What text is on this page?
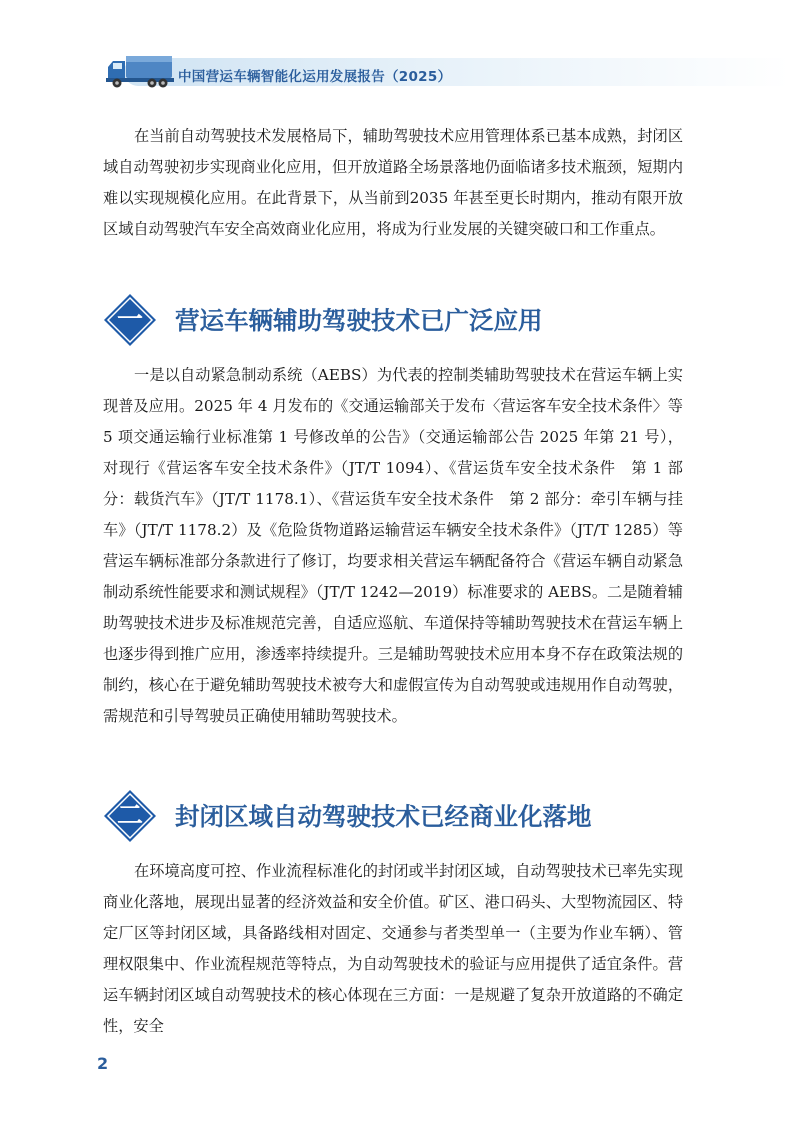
中国营运车辆智能化运用发展报告（2025）

在当前自动驾驶技术发展格局下，辅助驾驶技术应用管理体系已基本成熟，封闭区域自动驾驶初步实现商业化应用，但开放道路全场景落地仍面临诸多技术瓶颈，短期内难以实现规模化应用。在此背景下，从当前到2035 年甚至更长时期内，推动有限开放区域自动驾驶汽车安全高效商业化应用，将成为行业发展的关键突破口和工作重点。

一	营运车辆辅助驾驶技术已广泛应用

一是以自动紧急制动系统（AEBS）为代表的控制类辅助驾驶技术在营运车辆上实现普及应用。2025 年 4 月发布的《交通运输部关于发布〈营运客车安全技术条件〉等 5 项交通运输行业标准第 1 号修改单的公告》（交通运输部公告 2025 年第 21 号），对现行《营运客车安全技术条件》（JT/T 1094）、《营运货车安全技术条件　第 1 部分：载货汽车》（JT/T 1178.1）、《营运货车安全技术条件　第 2 部分：牵引车辆与挂车》（JT/T 1178.2）及《危险货物道路运输营运车辆安全技术条件》（JT/T 1285）等营运车辆标准部分条款进行了修订，均要求相关营运车辆配备符合《营运车辆自动紧急制动系统性能要求和测试规程》（JT/T 1242—2019）标准要求的 AEBS。二是随着辅助驾驶技术进步及标准规范完善，自适应巡航、车道保持等辅助驾驶技术在营运车辆上也逐步得到推广应用，渗透率持续提升。三是辅助驾驶技术应用本身不存在政策法规的制约，核心在于避免辅助驾驶技术被夸大和虚假宣传为自动驾驶或违规用作自动驾驶，需规范和引导驾驶员正确使用辅助驾驶技术。

二	封闭区域自动驾驶技术已经商业化落地

在环境高度可控、作业流程标准化的封闭或半封闭区域，自动驾驶技术已率先实现商业化落地，展现出显著的经济效益和安全价值。矿区、港口码头、大型物流园区、特定厂区等封闭区域，具备路线相对固定、交通参与者类型单一（主要为作业车辆）、管理权限集中、作业流程规范等特点，为自动驾驶技术的验证与应用提供了适宜条件。营运车辆封闭区域自动驾驶技术的核心体现在三方面：一是规避了复杂开放道路的不确定性，安全

2
